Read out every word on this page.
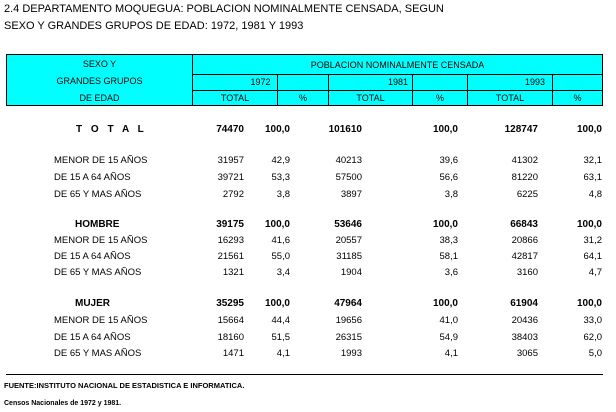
2.4 DEPARTAMENTO MOQUEGUA: POBLACION NOMINALMENTE CENSADA, SEGUN
SEXO Y GRANDES GRUPOS DE EDAD: 1972, 1981 Y 1993
SEXO Y
GRANDES GRUPOS
DE EDAD
POBLACION NOMINALMENTE CENSADA
1972	1981	1993
TOTAL	%	TOTAL	%	TOTAL	%
T O T A L	74470 100,0	101610	100,0	128747	100,0
MENOR DE 15 AÑOS	31957	42,9	40213	39,6	41302	32,1
DE 15 A 64 AÑOS	39721	53,3	57500	56,6	81220	63,1
DE 65 Y MAS AÑOS	2792	3,8	3897	3,8	6225	4,8
HOMBRE	39175 100,0	53646	100,0	66843	100,0
MENOR DE 15 AÑOS	16293	41,6	20557	38,3	20866	31,2
DE 15 A 64 AÑOS	21561	55,0	31185	58,1	42817	64,1
DE 65 Y MAS AÑOS	1321	3,4	1904	3,6	3160	4,7
MUJER	35295 100,0	47964	100,0	61904	100,0
MENOR DE 15 AÑOS	15664	44,4	19656	41,0	20436	33,0
DE 15 A 64 AÑOS	18160	51,5	26315	54,9	38403	62,0
DE 65 Y MAS AÑOS	1471	4,1	1993	4,1	3065	5,0
FUENTE:INSTITUTO NACIONAL DE ESTADISTICA E INFORMATICA.
Censos Nacionales de 1972 y 1981.
